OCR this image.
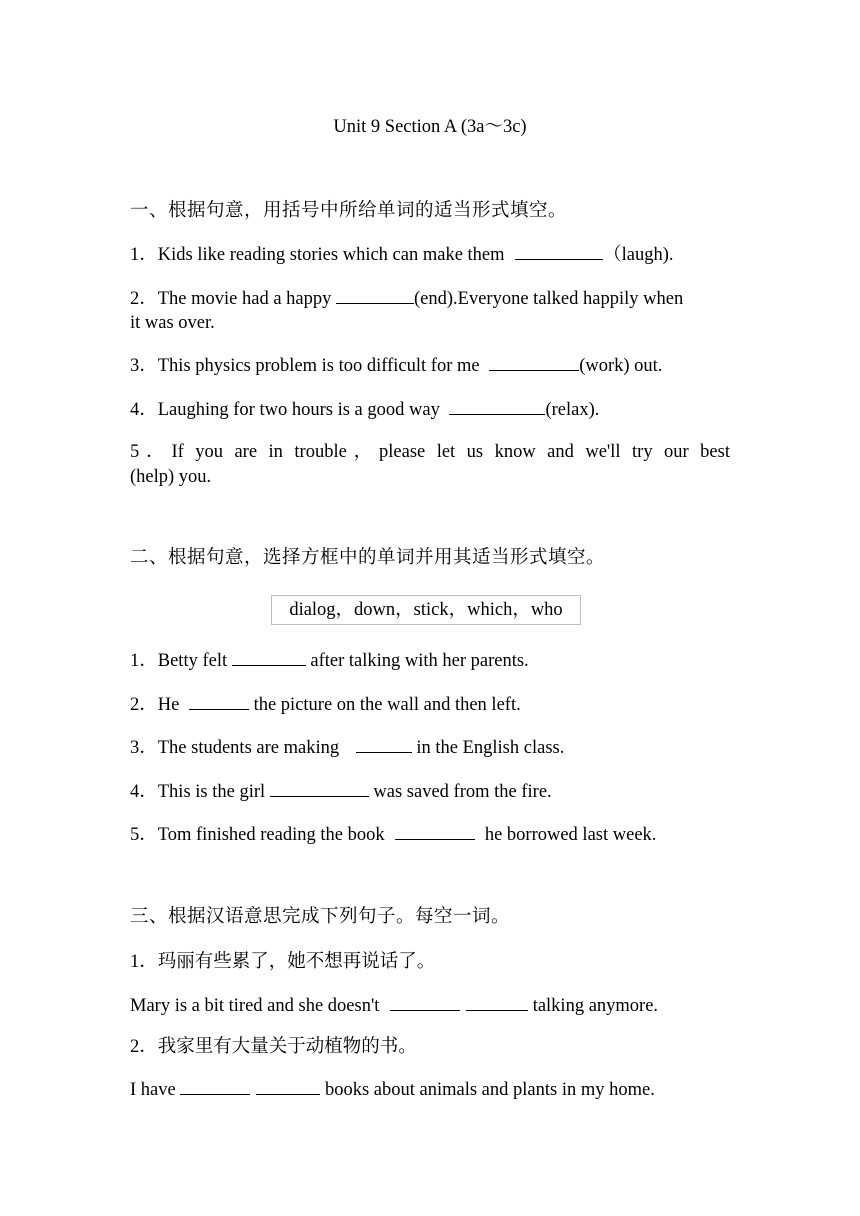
Unit 9 Section A (3a～3c)
一、根据句意，用括号中所给单词的适当形式填空。
1．Kids like reading stories which can make them	（laugh).
2．The movie had a happy	(end).Everyone talked happily when
it was over.
3．This physics problem is too difficult for me	(work) out.
4．Laughing for two hours is a good way	(relax).
5．If you are in trouble，please let us know and we'll try our best
(help) you.
二、根据句意，选择方框中的单词并用其适当形式填空。
dialog，down，stick，which，who
1．Betty felt	after talking with her parents.
2．He	the picture on the wall and then left.
3．The students are making	in the English class.
4．This is the girl	was saved from the fire.
5．Tom finished reading the book	he borrowed last week.
三、根据汉语意思完成下列句子。每空一词。
1．玛丽有些累了，她不想再说话了。
Mary is a bit tired and she doesn't	talking anymore.
2．我家里有大量关于动植物的书。
I have	books about animals and plants in my home.
